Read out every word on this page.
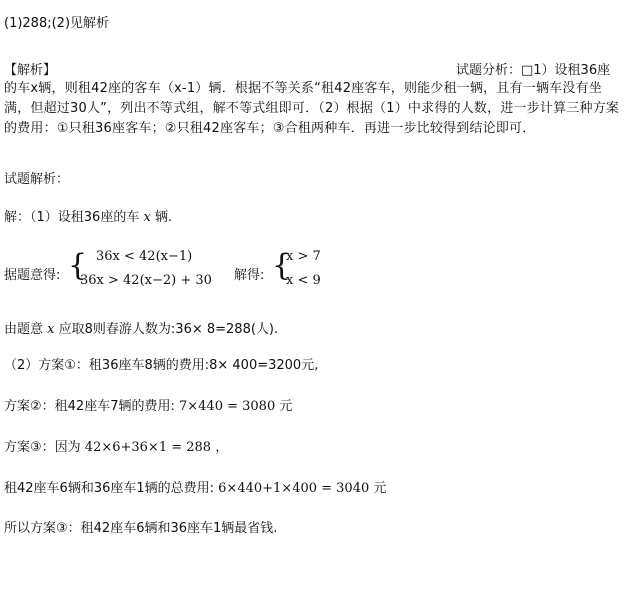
(1)288;(2)见解析
【解析】	试题分析：□1）设租36座
的车x辆，则租42座的客车（x-1）辆．根据不等关系“租42座客车，则能少租一辆，且有一辆车没有坐满，但超过30人”，列出不等式组，解不等式组即可．（2）根据（1）中求得的人数，进一步计算三种方案的费用：①只租36座客车；②只租42座客车；③合租两种车．再进一步比较得到结论即可．
试题解析：
解：（1）设租36座的车 x 辆.
据题意得: { 36x < 42(x−1)
36x > 42(x−2) + 30 解得: {
x > 7
x < 9
由题意 x 应取8则春游人数为:36× 8=288(人).
（2）方案①：租36座车8辆的费用:8× 400=3200元,
方案②：租42座车7辆的费用: 7×440 = 3080 元
方案③：因为 42×6+36×1 = 288 ，
租42座车6辆和36座车1辆的总费用: 6×440+1×400 = 3040 元
所以方案③：租42座车6辆和36座车1辆最省钱.
